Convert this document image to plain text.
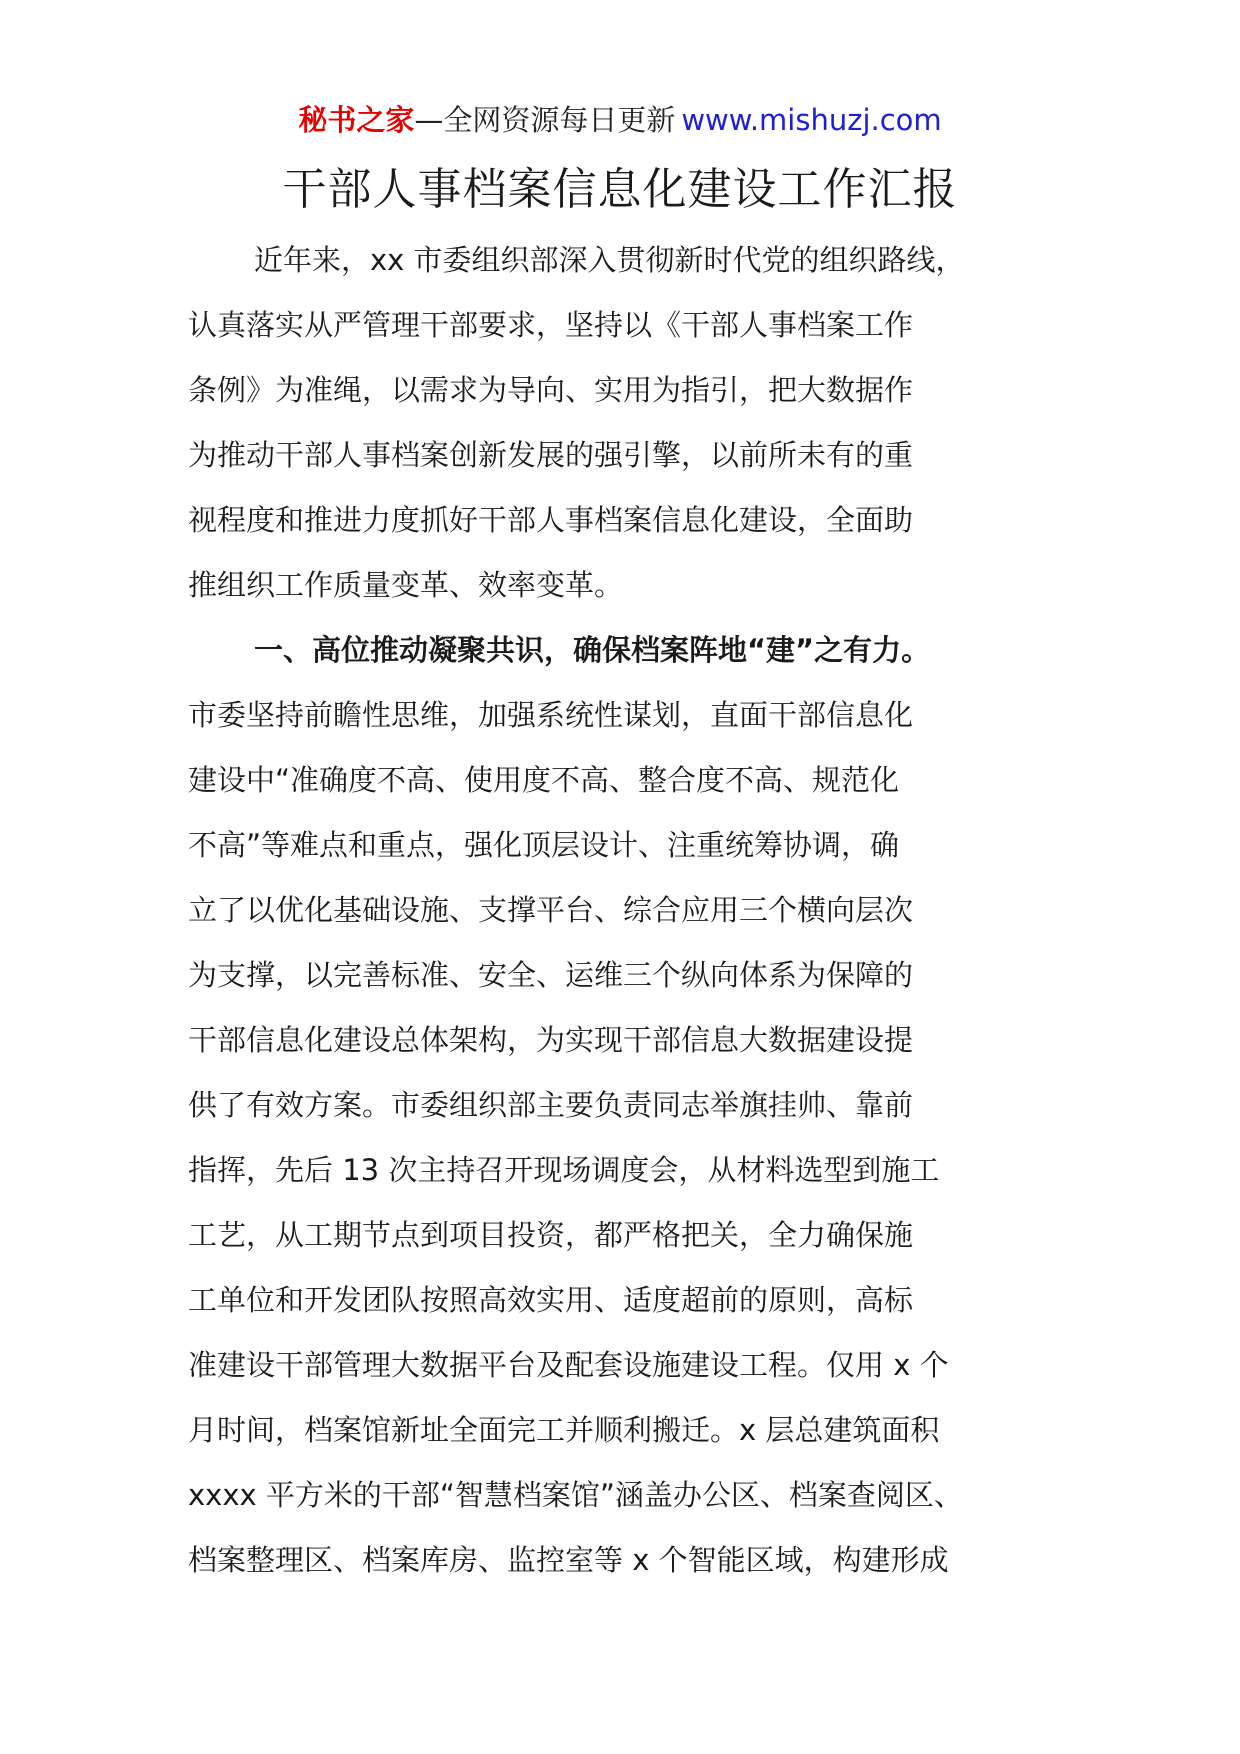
秘书之家—全网资源每日更新 www.mishuzj.com
干部人事档案信息化建设工作汇报
近年来，xx 市委组织部深入贯彻新时代党的组织路线，
认真落实从严管理干部要求，坚持以《干部人事档案工作
条例》为准绳，以需求为导向、实用为指引，把大数据作
为推动干部人事档案创新发展的强引擎，以前所未有的重
视程度和推进力度抓好干部人事档案信息化建设，全面助
推组织工作质量变革、效率变革。
一、高位推动凝聚共识，确保档案阵地“建”之有力。
市委坚持前瞻性思维，加强系统性谋划，直面干部信息化
建设中“准确度不高、使用度不高、整合度不高、规范化
不高”等难点和重点，强化顶层设计、注重统筹协调，确
立了以优化基础设施、支撑平台、综合应用三个横向层次
为支撑，以完善标准、安全、运维三个纵向体系为保障的
干部信息化建设总体架构，为实现干部信息大数据建设提
供了有效方案。市委组织部主要负责同志举旗挂帅、靠前
指挥，先后 13 次主持召开现场调度会，从材料选型到施工
工艺，从工期节点到项目投资，都严格把关，全力确保施
工单位和开发团队按照高效实用、适度超前的原则，高标
准建设干部管理大数据平台及配套设施建设工程。仅用 x 个
月时间，档案馆新址全面完工并顺利搬迁。x 层总建筑面积
xxxx 平方米的干部“智慧档案馆”涵盖办公区、档案查阅区、
档案整理区、档案库房、监控室等 x 个智能区域，构建形成
